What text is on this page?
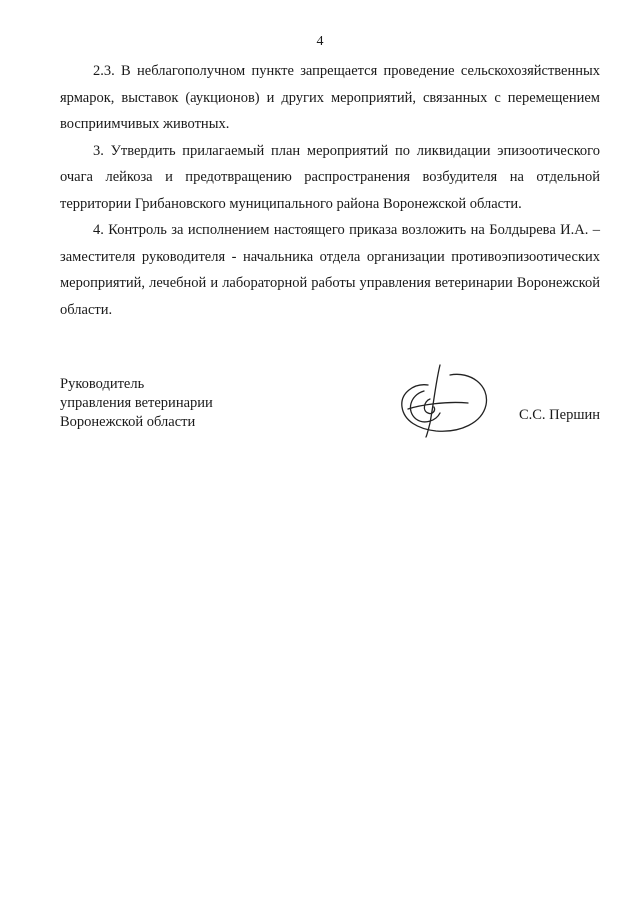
4

2.3. В неблагополучном пункте запрещается проведение сельскохозяйственных ярмарок, выставок (аукционов) и других мероприятий, связанных с перемещением восприимчивых животных.

3. Утвердить прилагаемый план мероприятий по ликвидации эпизоотического очага лейкоза и предотвращению распространения возбудителя на отдельной территории Грибановского муниципального района Воронежской области.

4. Контроль за исполнением настоящего приказа возложить на Болдырева И.А. – заместителя руководителя - начальника отдела организации противоэпизоотических мероприятий, лечебной и лабораторной работы управления ветеринарии Воронежской области.

Руководитель
управления ветеринарии
Воронежской области	С.С. Першин
